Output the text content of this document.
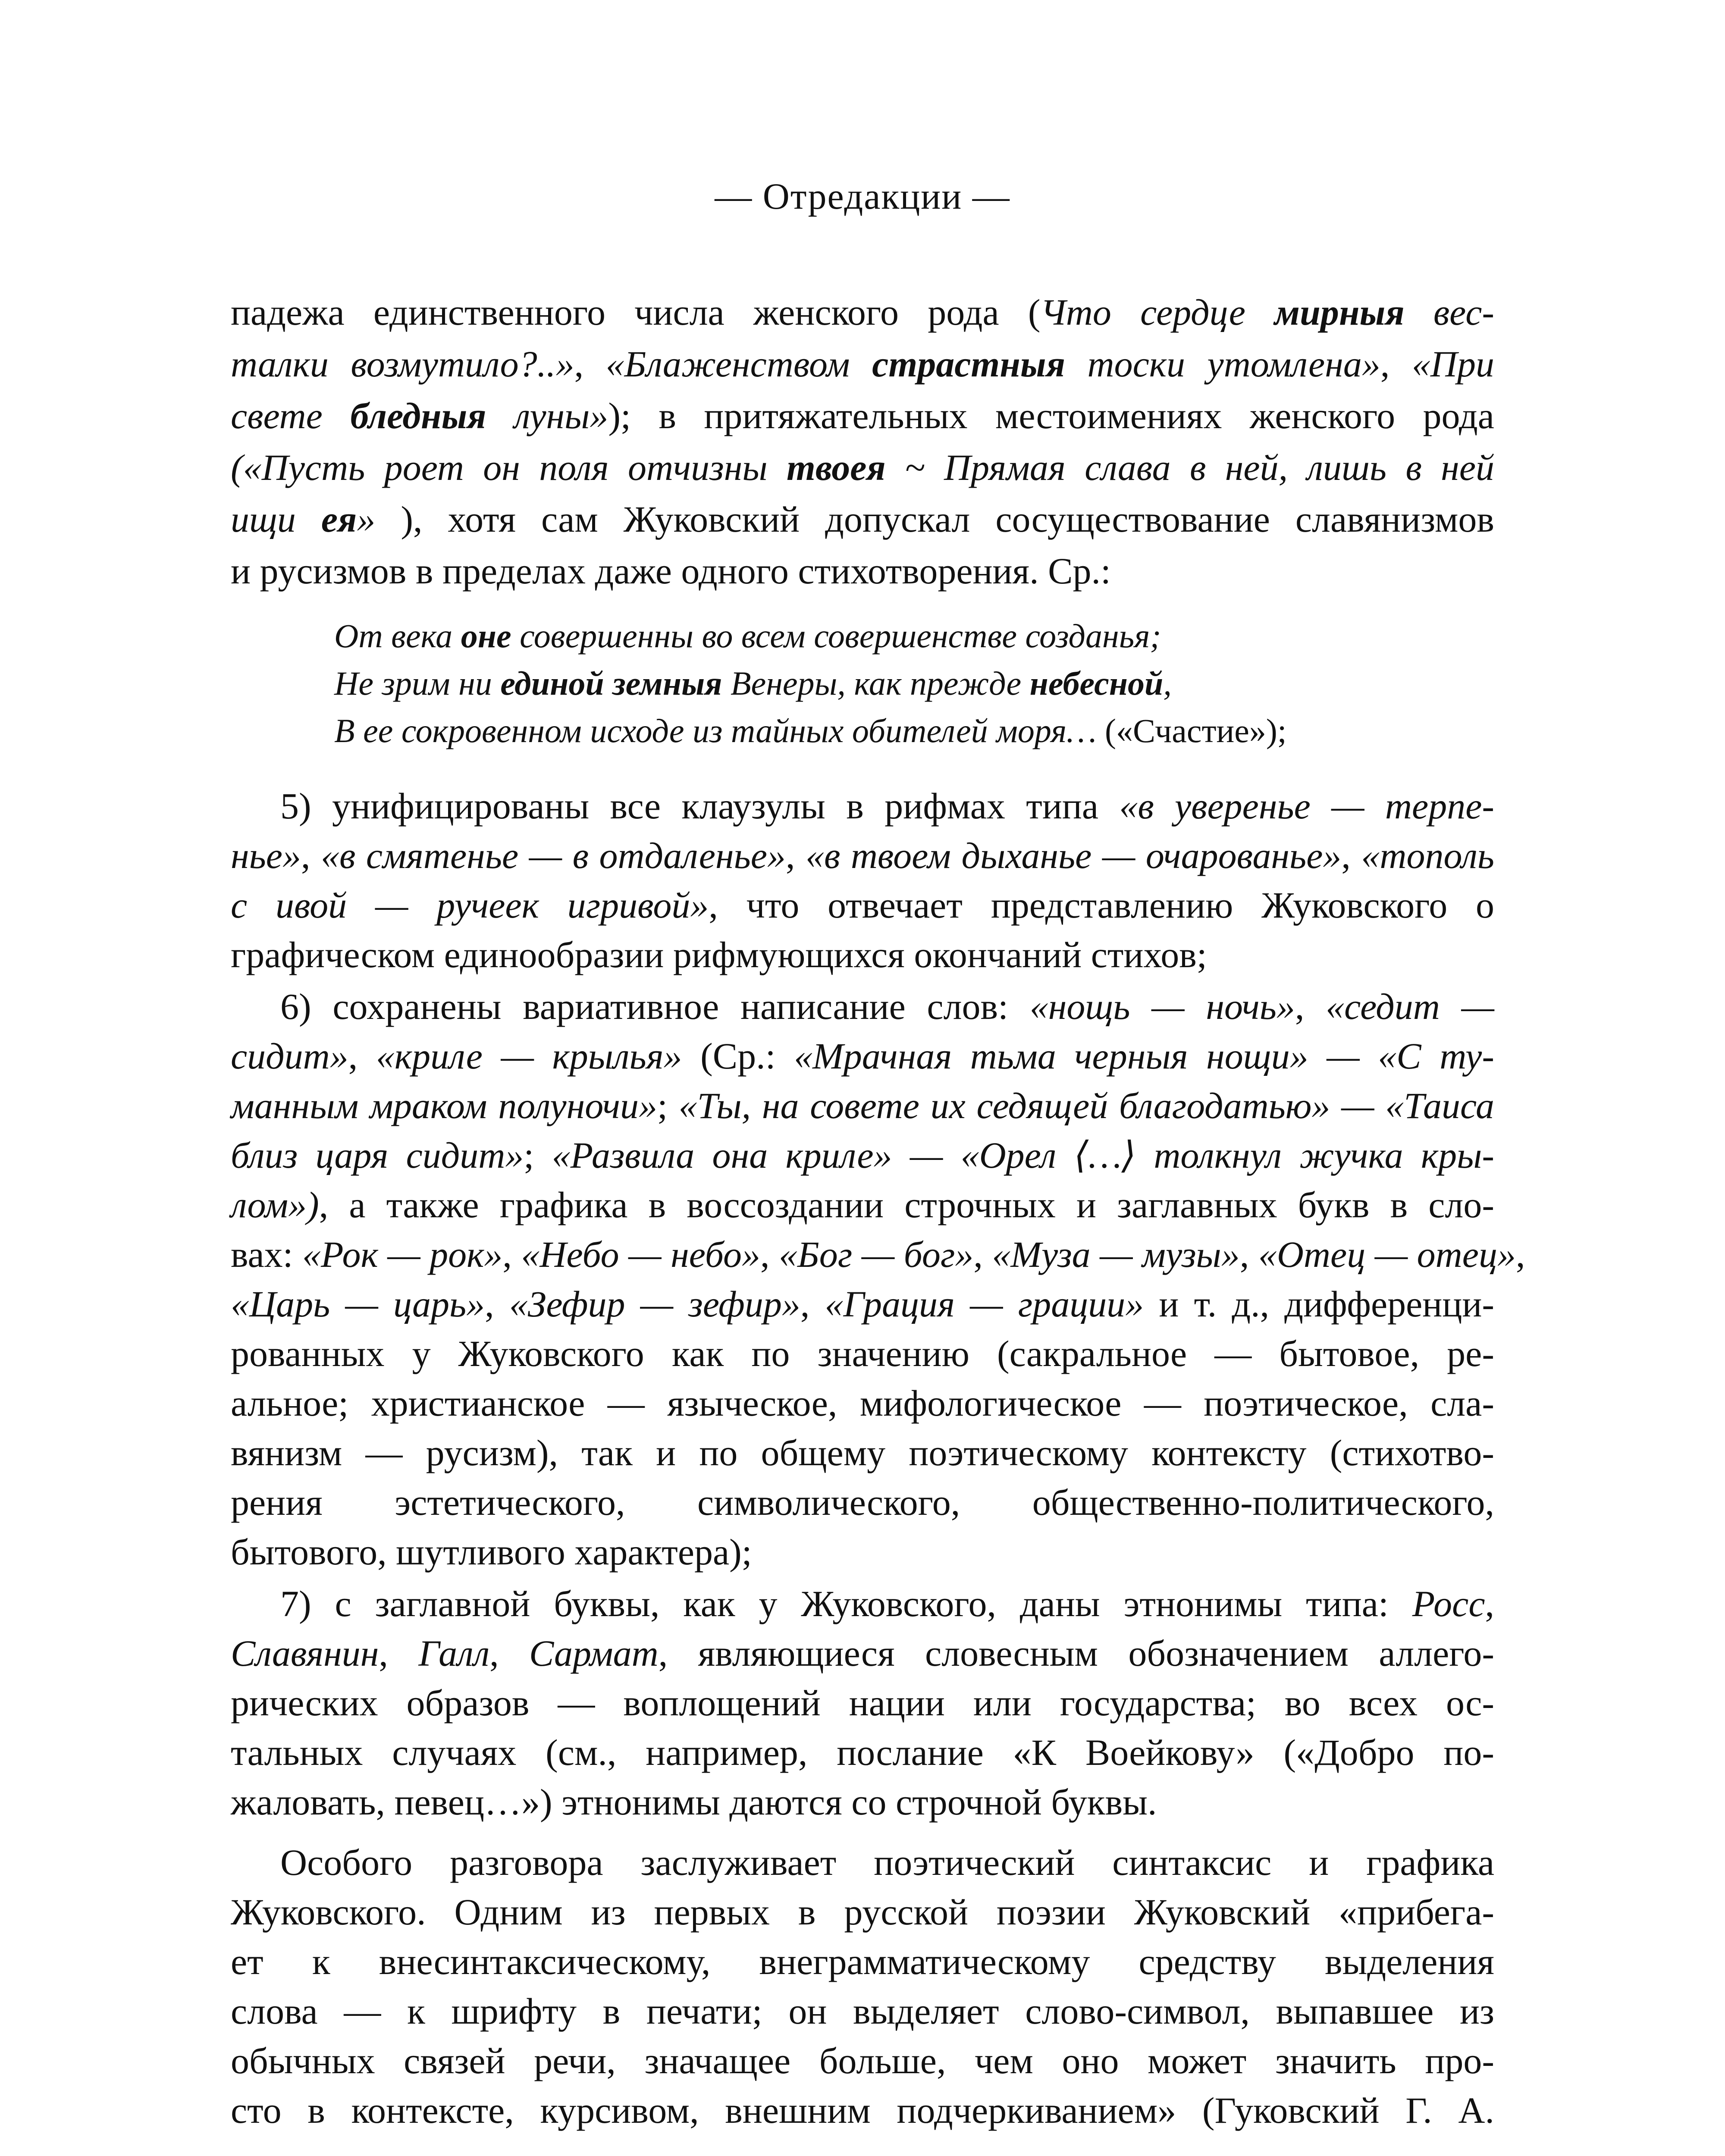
— Отредакции —
падежа единственного числа женского рода (Что сердце мирныя вес-
талки возмутило?..», «Блаженством страстныя тоски утомлена», «При
свете бледныя луны»); в притяжательных местоимениях женского рода
(«Пусть роет он поля отчизны твоея ~ Прямая слава в ней, лишь в ней
ищи ея» ), хотя сам Жуковский допускал сосуществование славянизмов
и русизмов в пределах даже одного стихотворения. Ср.:
От века оне совершенны во всем совершенстве созданья;
Не зрим ни единой земныя Венеры, как прежде небесной,
В ее сокровенном исходе из тайных обителей моря… («Счастие»);
5) унифицированы все клаузулы в рифмах типа «в уверенье — терпе-
нье», «в смятенье — в отдаленье», «в твоем дыханье — очарованье», «тополь
с ивой — ручеек игривой», что отвечает представлению Жуковского о
графическом единообразии рифмующихся окончаний стихов;
6) сохранены вариативное написание слов: «нощь — ночь», «седит —
сидит», «криле — крылья» (Ср.: «Мрачная тьма черныя нощи» — «С ту-
манным мраком полуночи»; «Ты, на совете их седящей благодатью» — «Таиса
близ царя сидит»; «Развила она криле» — «Орел ⟨…⟩ толкнул жучка кры-
лом»), а также графика в воссоздании строчных и заглавных букв в сло-
вах: «Рок — рок», «Небо — небо», «Бог — бог», «Муза — музы», «Отец — отец»,
«Царь — царь», «Зефир — зефир», «Грация — грации» и т. д., дифференци-
рованных у Жуковского как по значению (сакральное — бытовое, ре-
альное; христианское — языческое, мифологическое — поэтическое, сла-
вянизм — русизм), так и по общему поэтическому контексту (стихотво-
рения эстетического, символического, общественно-политического,
бытового, шутливого характера);
7) с заглавной буквы, как у Жуковского, даны этнонимы типа: Росс,
Славянин, Галл, Сармат, являющиеся словесным обозначением аллего-
рических образов — воплощений нации или государства; во всех ос-
тальных случаях (см., например, послание «К Воейкову» («Добро по-
жаловать, певец…») этнонимы даются со строчной буквы.
Особого разговора заслуживает поэтический синтаксис и графика
Жуковского. Одним из первых в русской поэзии Жуковский «прибега-
ет к внесинтаксическому, внеграмматическому средству выделения
слова — к шрифту в печати; он выделяет слово-символ, выпавшее из
обычных связей речи, значащее больше, чем оно может значить про-
сто в контексте, курсивом, внешним подчеркиванием» (Гуковский Г. А.
